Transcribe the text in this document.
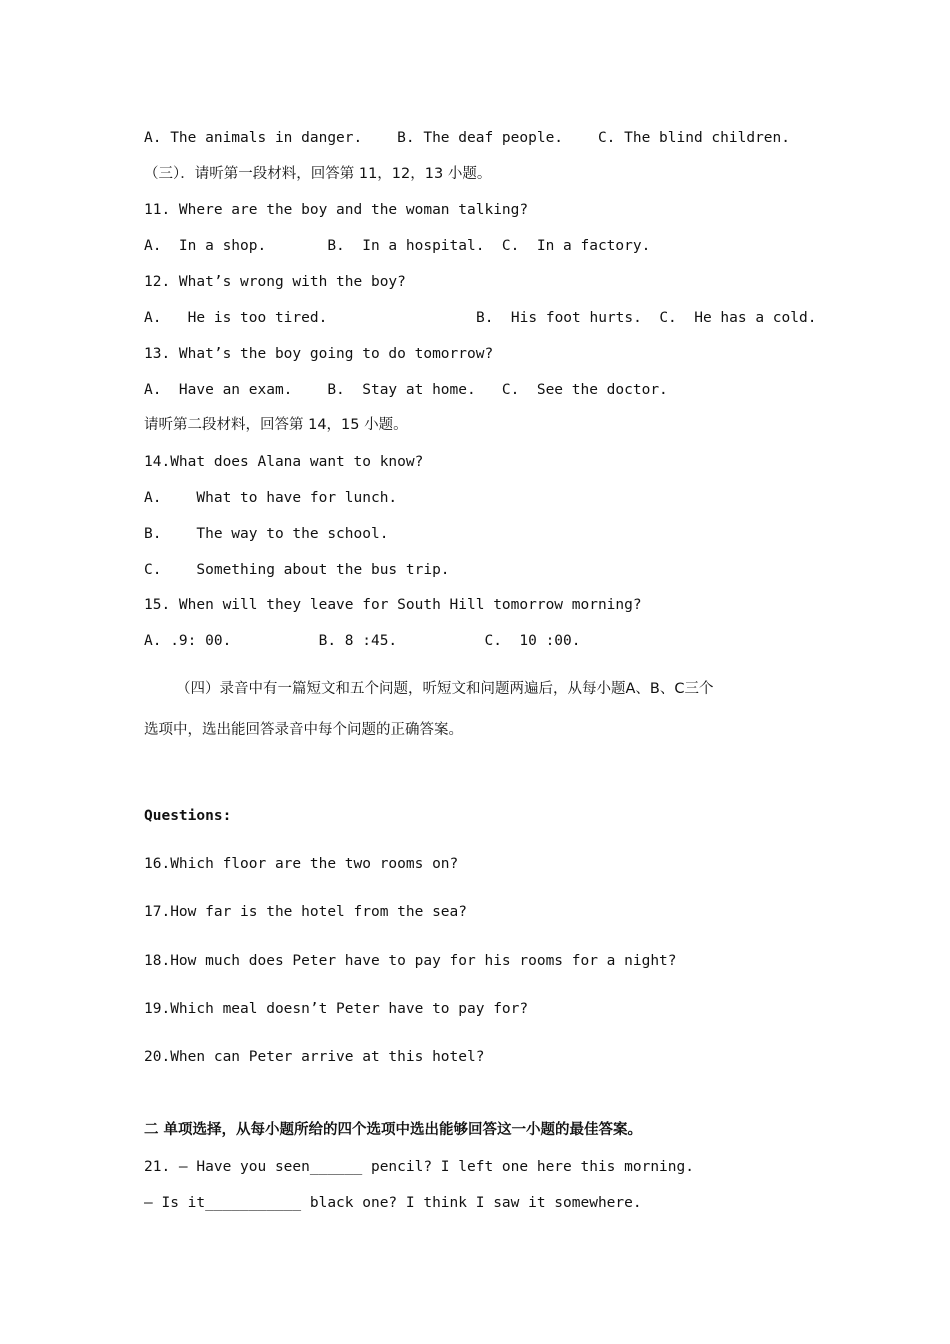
A. The animals in danger.    B. The deaf people.    C. The blind children.
（三）．请听第一段材料，回答第 11，12，13 小题。
11. Where are the boy and the woman talking?
A.  In a shop.       B.  In a hospital.  C.  In a factory.
12. What’s wrong with the boy?
A.   He is too tired.	B.  His foot hurts.  C.  He has a cold.
13. What’s the boy going to do tomorrow?
A.  Have an exam.    B.  Stay at home.   C.  See the doctor.
请听第二段材料，回答第 14，15 小题。
14.What does Alana want to know?
A.    What to have for lunch.
B.    The way to the school.
C.    Something about the bus trip.
15. When will they leave for South Hill tomorrow morning?
A. .9: 00.          B. 8 :45.          C.  10 :00.
（四）录音中有一篇短文和五个问题，听短文和问题两遍后，从每小题A、B、C三个
选项中，选出能回答录音中每个问题的正确答案。
Questions:
16.Which floor are the two rooms on?
17.How far is the hotel from the sea?
18.How much does Peter have to pay for his rooms for a night?
19.Which meal doesn’t Peter have to pay for?
20.When can Peter arrive at this hotel?
二 单项选择，从每小题所给的四个选项中选出能够回答这一小题的最佳答案。
21. — Have you seen______ pencil? I left one here this morning.
— Is it___________ black one? I think I saw it somewhere.
